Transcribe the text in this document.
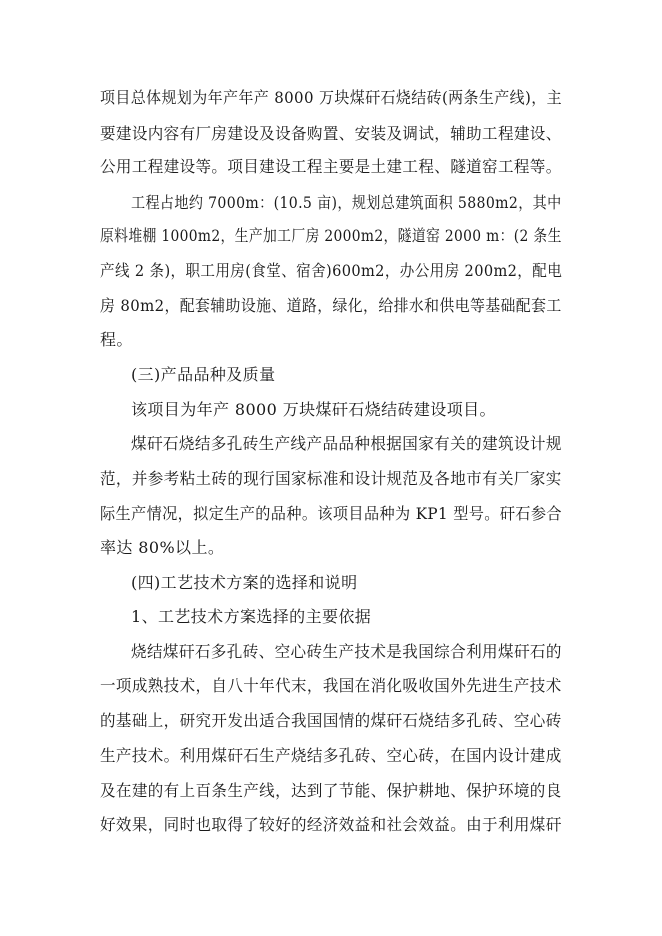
项目总体规划为年产年产 8000 万块煤矸石烧结砖(两条生产线)，主
要建设内容有厂房建设及设备购置、安装及调试，辅助工程建设、
公用工程建设等。项目建设工程主要是土建工程、隧道窑工程等。
工程占地约 7000m：(10.5 亩)，规划总建筑面积 5880m2，其中
原料堆棚 1000m2，生产加工厂房 2000m2，隧道窑 2000 m：(2 条生
产线 2 条)，职工用房(食堂、宿舍)600m2，办公用房 200m2，配电
房 80m2，配套辅助设施、道路，绿化，给排水和供电等基础配套工
程。
(三)产品品种及质量
该项目为年产 8000 万块煤矸石烧结砖建设项目。
煤矸石烧结多孔砖生产线产品品种根据国家有关的建筑设计规
范，并参考粘土砖的现行国家标准和设计规范及各地市有关厂家实
际生产情况，拟定生产的品种。该项目品种为 KP1 型号。矸石参合
率达 80%以上。
(四)工艺技术方案的选择和说明
1、工艺技术方案选择的主要依据
烧结煤矸石多孔砖、空心砖生产技术是我国综合利用煤矸石的
一项成熟技术，自八十年代末，我国在消化吸收国外先进生产技术
的基础上，研究开发出适合我国国情的煤矸石烧结多孔砖、空心砖
生产技术。利用煤矸石生产烧结多孔砖、空心砖，在国内设计建成
及在建的有上百条生产线，达到了节能、保护耕地、保护环境的良
好效果，同时也取得了较好的经济效益和社会效益。由于利用煤矸
